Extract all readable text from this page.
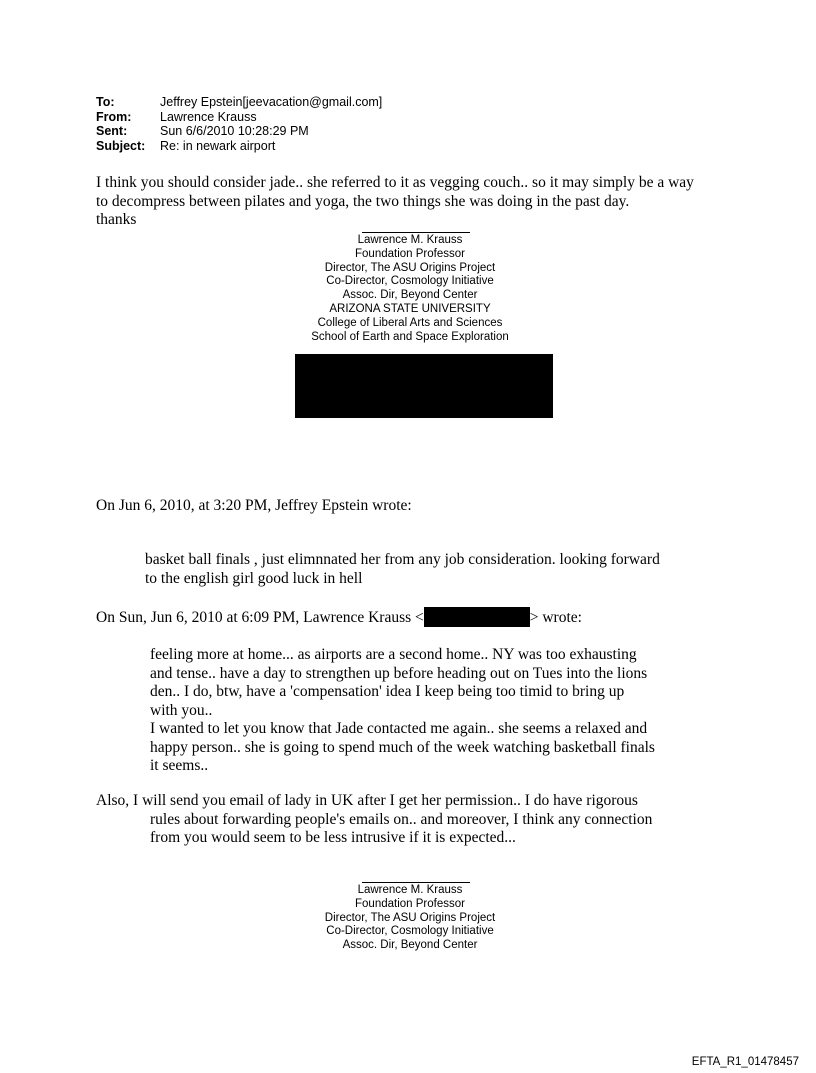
To:	Jeffrey Epstein[jeevacation@gmail.com]
From:	Lawrence Krauss
Sent:	Sun 6/6/2010 10:28:29 PM
Subject:	Re: in newark airport
I think you should consider jade.. she referred to it as vegging couch.. so it may simply be a way
to decompress between pilates and yoga, the two things she was doing in the past day.
thanks
Lawrence M. Krauss
Foundation Professor
Director, The ASU Origins Project
Co-Director, Cosmology Initiative
Assoc. Dir, Beyond Center
ARIZONA STATE UNIVERSITY
College of Liberal Arts and Sciences
School of Earth and Space Exploration
On Jun 6, 2010, at 3:20 PM, Jeffrey Epstein wrote:
basket ball finals , just elimnnated her from any job consideration. looking forward
to the english girl good luck in hell
On Sun, Jun 6, 2010 at 6:09 PM, Lawrence Krauss <	> wrote:
feeling more at home... as airports are a second home.. NY was too exhausting
and tense.. have a day to strengthen up before heading out on Tues into the lions
den.. I do, btw, have a 'compensation' idea I keep being too timid to bring up
with you..
I wanted to let you know that Jade contacted me again.. she seems a relaxed and
happy person.. she is going to spend much of the week watching basketball finals
it seems..
Also, I will send you email of lady in UK after I get her permission.. I do have rigorous
rules about forwarding people's emails on.. and moreover, I think any connection
from you would seem to be less intrusive if it is expected...
Lawrence M. Krauss
Foundation Professor
Director, The ASU Origins Project
Co-Director, Cosmology Initiative
Assoc. Dir, Beyond Center
EFTA_R1_01478457
